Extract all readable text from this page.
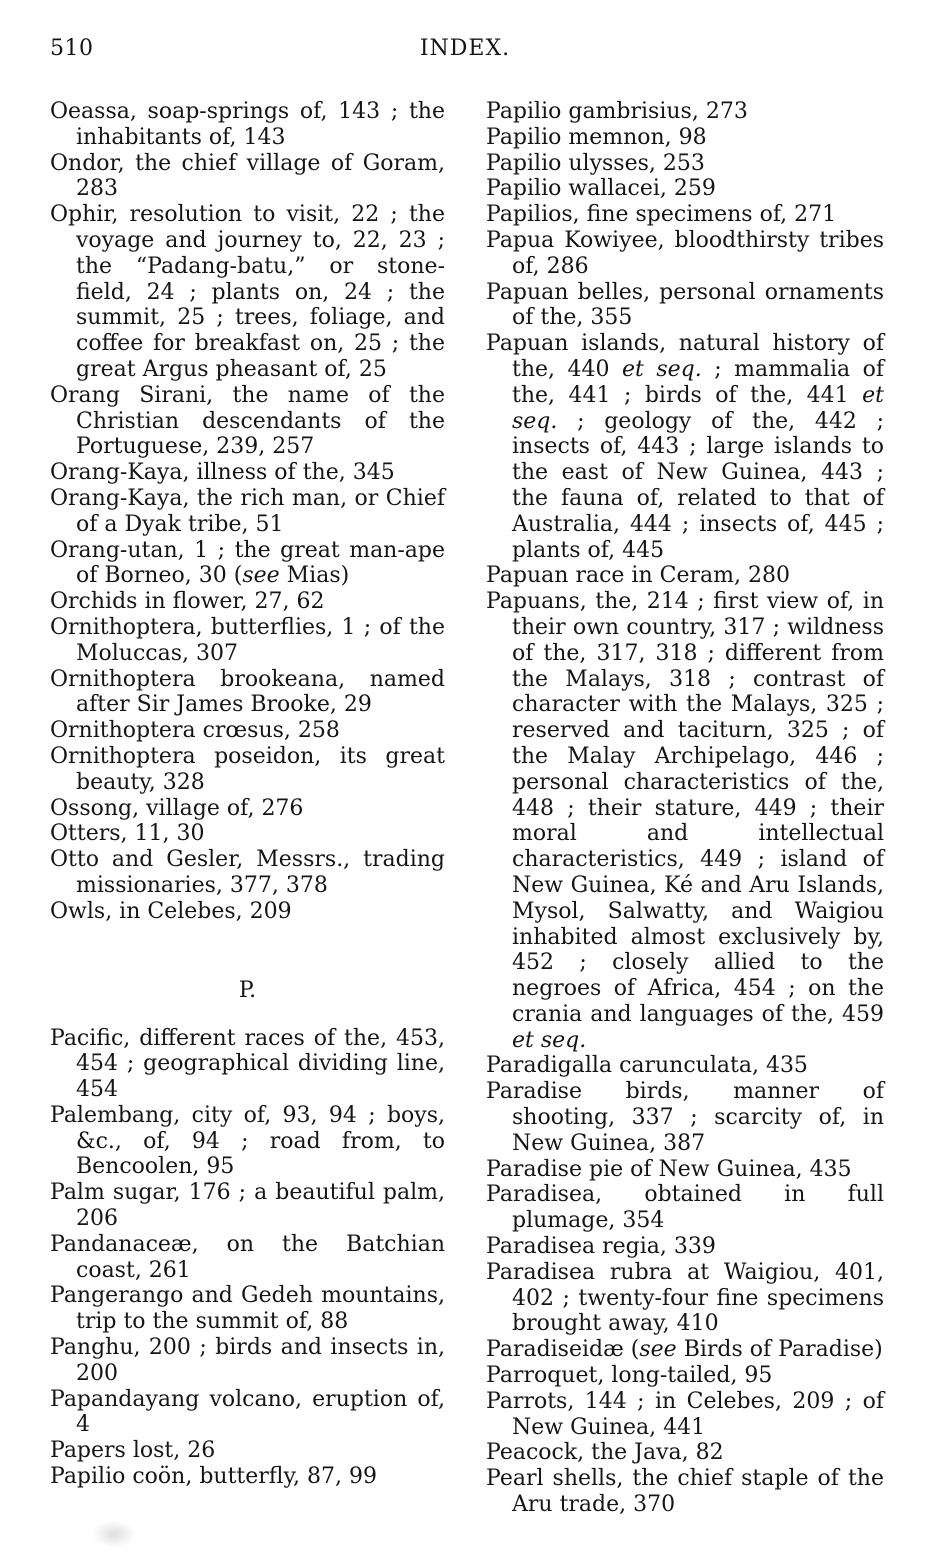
510	INDEX.

Oeassa, soap-springs of, 143 ; the inhabitants of, 143

Ondor, the chief village of Goram, 283

Ophir, resolution to visit, 22 ; the voyage and journey to, 22, 23 ; the “Padang-batu,” or stone-field, 24 ; plants on, 24 ; the summit, 25 ; trees, foliage, and coffee for breakfast on, 25 ; the great Argus pheasant of, 25

Orang Sirani, the name of the Christian descendants of the Portuguese, 239, 257

Orang-Kaya, illness of the, 345

Orang-Kaya, the rich man, or Chief of a Dyak tribe, 51

Orang-utan, 1 ; the great man-ape of Borneo, 30 (see Mias)

Orchids in flower, 27, 62

Ornithoptera, butterflies, 1 ; of the Moluccas, 307

Ornithoptera brookeana, named after Sir James Brooke, 29

Ornithoptera crœsus, 258

Ornithoptera poseidon, its great beauty, 328

Ossong, village of, 276

Otters, 11, 30

Otto and Gesler, Messrs., trading missionaries, 377, 378

Owls, in Celebes, 209

P.

Pacific, different races of the, 453, 454 ; geographical dividing line, 454

Palembang, city of, 93, 94 ; boys, &c., of, 94 ; road from, to Bencoolen, 95

Palm sugar, 176 ; a beautiful palm, 206

Pandanaceæ, on the Batchian coast, 261

Pangerango and Gedeh mountains, trip to the summit of, 88

Panghu, 200 ; birds and insects in, 200

Papandayang volcano, eruption of, 4

Papers lost, 26

Papilio coön, butterfly, 87, 99

Papilio gambrisius, 273

Papilio memnon, 98

Papilio ulysses, 253

Papilio wallacei, 259

Papilios, fine specimens of, 271

Papua Kowiyee, bloodthirsty tribes of, 286

Papuan belles, personal ornaments of the, 355

Papuan islands, natural history of the, 440 et seq. ; mammalia of the, 441 ; birds of the, 441 et seq. ; geology of the, 442 ; insects of, 443 ; large islands to the east of New Guinea, 443 ; the fauna of, related to that of Australia, 444 ; insects of, 445 ; plants of, 445

Papuan race in Ceram, 280

Papuans, the, 214 ; first view of, in their own country, 317 ; wildness of the, 317, 318 ; different from the Malays, 318 ; contrast of character with the Malays, 325 ; reserved and taciturn, 325 ; of the Malay Archipelago, 446 ; personal characteristics of the, 448 ; their stature, 449 ; their moral and intellectual characteristics, 449 ; island of New Guinea, Ké and Aru Islands, Mysol, Salwatty, and Waigiou inhabited almost exclusively by, 452 ; closely allied to the negroes of Africa, 454 ; on the crania and languages of the, 459 et seq.

Paradigalla carunculata, 435

Paradise birds, manner of shooting, 337 ; scarcity of, in New Guinea, 387

Paradise pie of New Guinea, 435

Paradisea, obtained in full plumage, 354

Paradisea regia, 339

Paradisea rubra at Waigiou, 401, 402 ; twenty-four fine specimens brought away, 410

Paradiseidæ (see Birds of Paradise)

Parroquet, long-tailed, 95

Parrots, 144 ; in Celebes, 209 ; of New Guinea, 441

Peacock, the Java, 82

Pearl shells, the chief staple of the Aru trade, 370
